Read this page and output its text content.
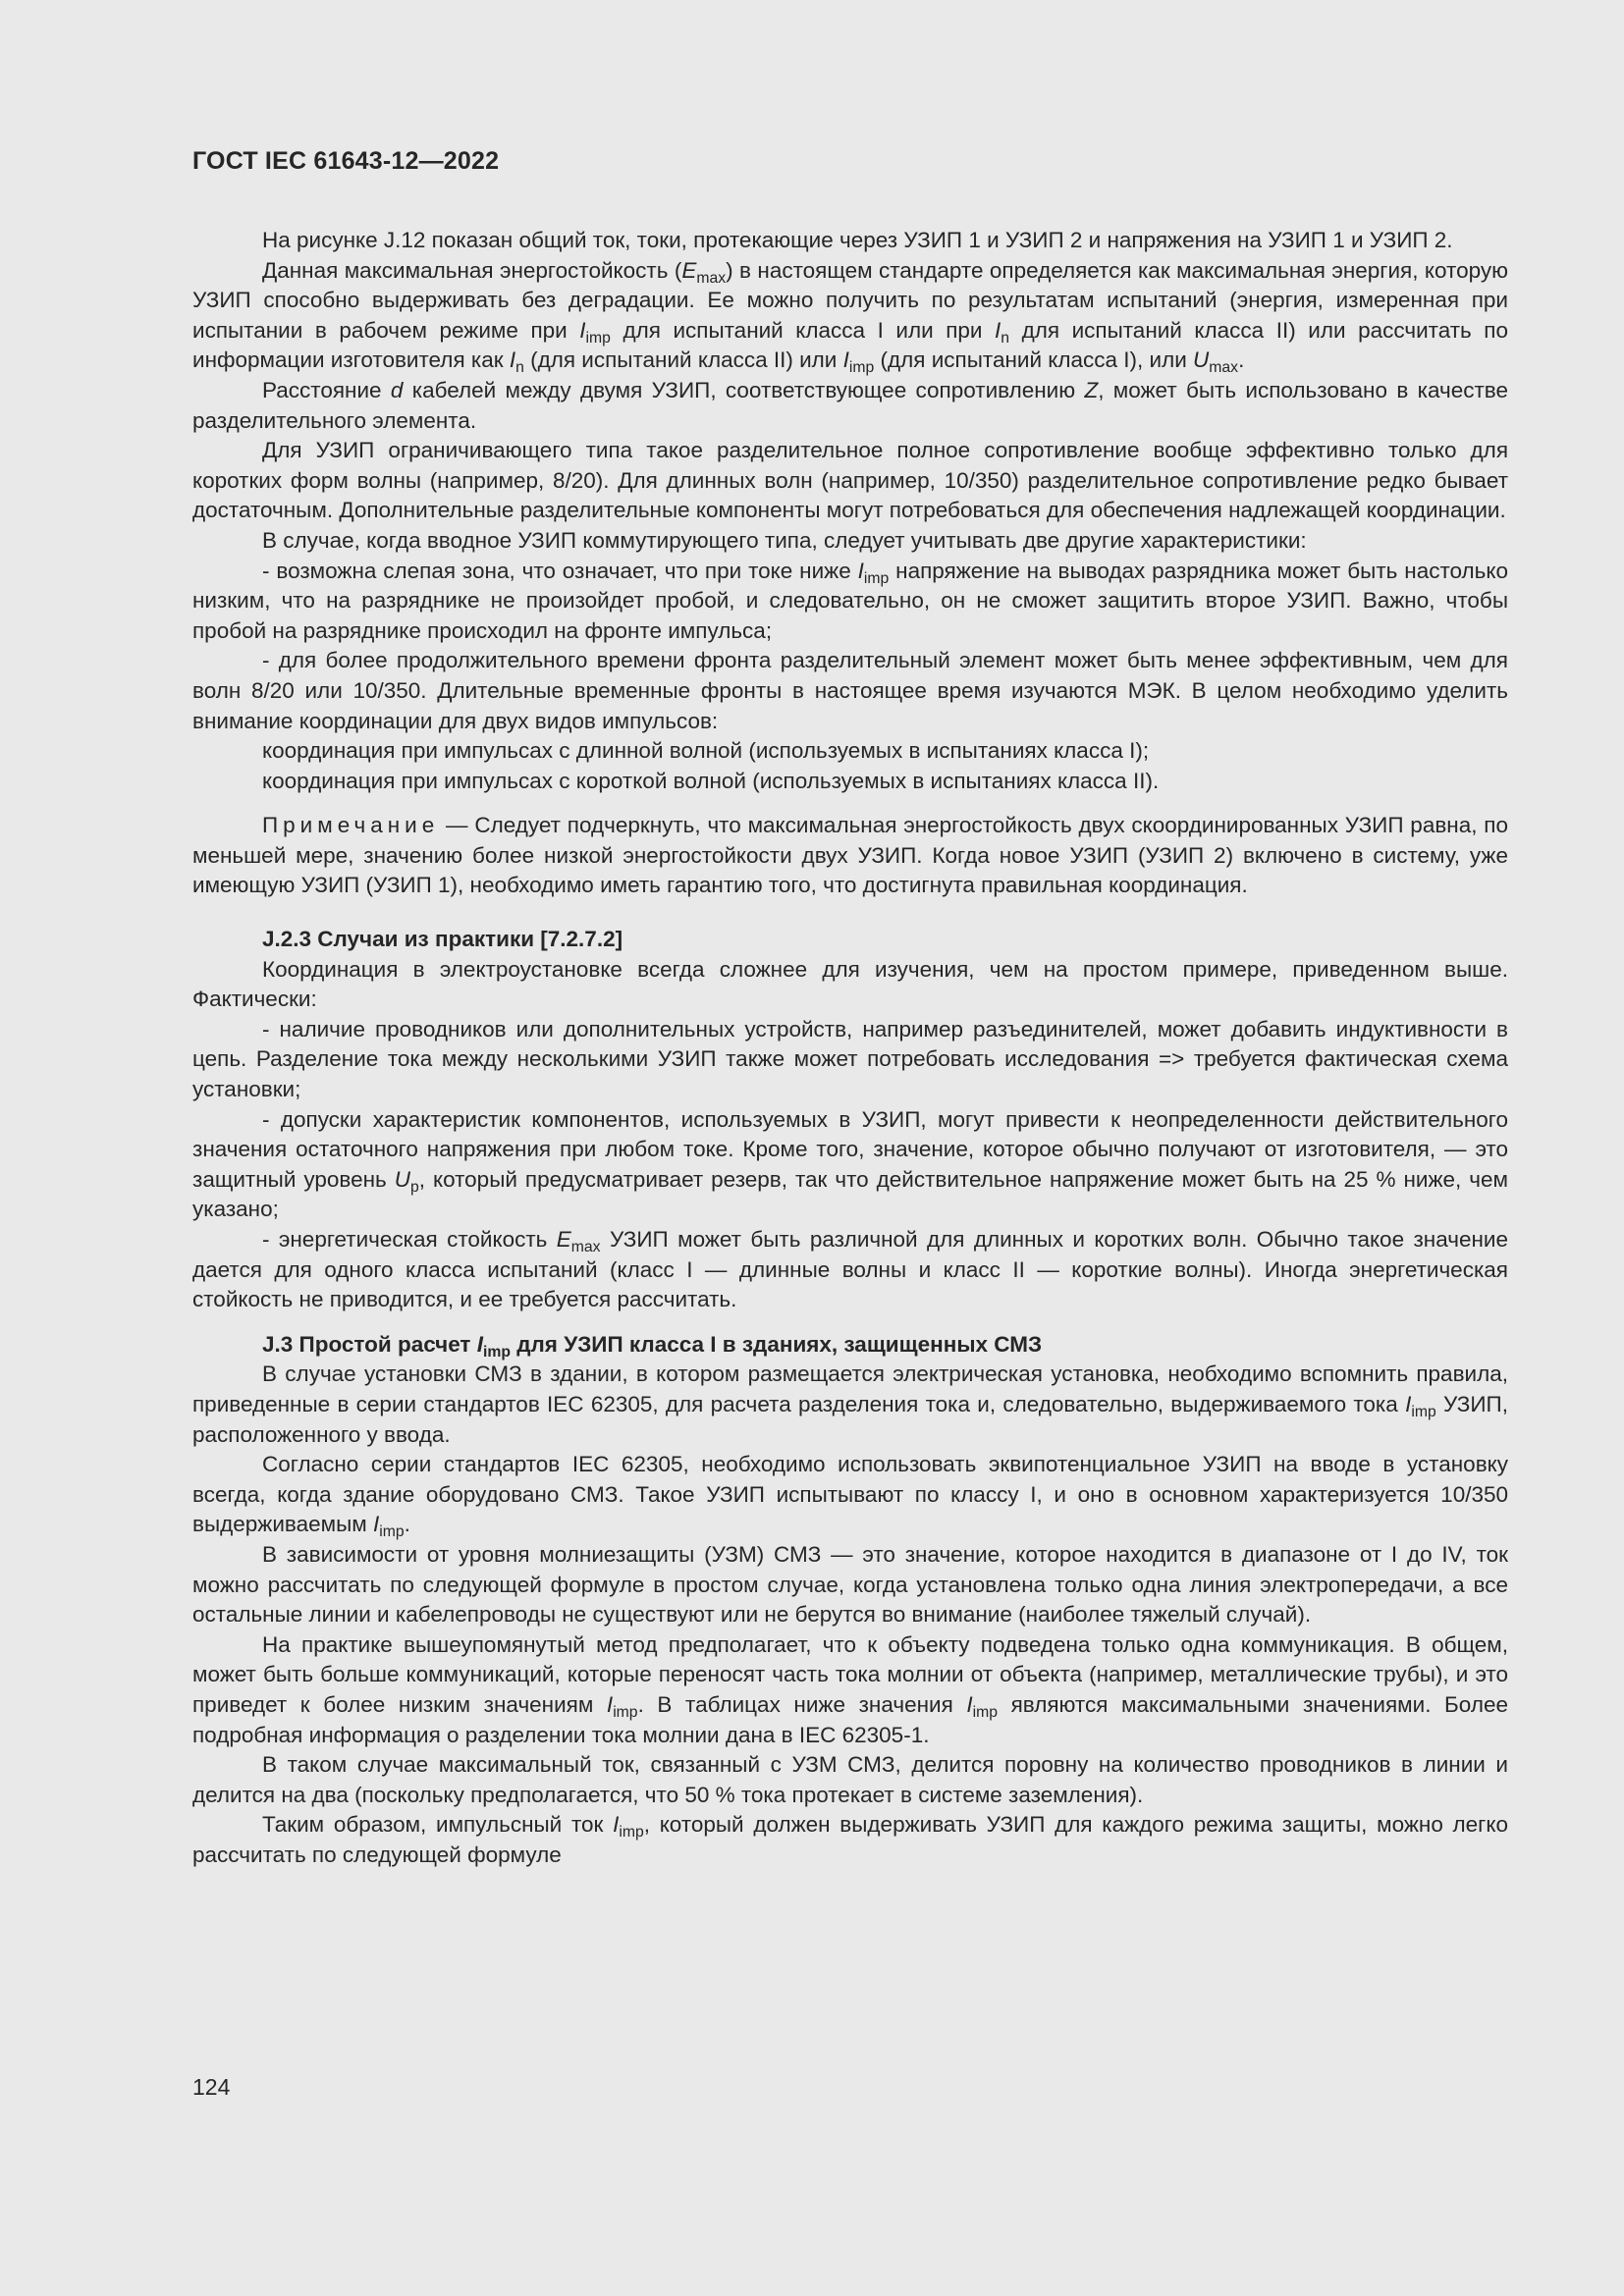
ГОСТ IEC 61643-12—2022

На рисунке J.12 показан общий ток, токи, протекающие через УЗИП 1 и УЗИП 2 и напряжения на УЗИП 1 и УЗИП 2.

Данная максимальная энергостойкость $(E_{max})$ в настоящем стандарте определяется как максимальная энергия, которую УЗИП способно выдерживать без деградации. Ее можно получить по результатам испытаний (энергия, измеренная при испытании в рабочем режиме при $I_{imp}$ для испытаний класса I или при $I_n$ для испытаний класса II) или рассчитать по информации изготовителя как $I_n$ (для испытаний класса II) или $I_{imp}$ (для испытаний класса I), или $U_{max}$.

Расстояние d кабелей между двумя УЗИП, соответствующее сопротивлению Z, может быть использовано в качестве разделительного элемента.

Для УЗИП ограничивающего типа такое разделительное полное сопротивление вообще эффективно только для коротких форм волны (например, 8/20). Для длинных волн (например, 10/350) разделительное сопротивление редко бывает достаточным. Дополнительные разделительные компоненты могут потребоваться для обеспечения надлежащей координации.

В случае, когда вводное УЗИП коммутирующего типа, следует учитывать две другие характеристики:

- возможна слепая зона, что означает, что при токе ниже $I_{imp}$ напряжение на выводах разрядника может быть настолько низким, что на разряднике не произойдет пробой, и следовательно, он не сможет защитить второе УЗИП. Важно, чтобы пробой на разряднике происходил на фронте импульса;

- для более продолжительного времени фронта разделительный элемент может быть менее эффективным, чем для волн 8/20 или 10/350. Длительные временные фронты в настоящее время изучаются МЭК. В целом необходимо уделить внимание координации для двух видов импульсов:

координация при импульсах с длинной волной (используемых в испытаниях класса I);

координация при импульсах с короткой волной (используемых в испытаниях класса II).

Примечание — Следует подчеркнуть, что максимальная энергостойкость двух скоординированных УЗИП равна, по меньшей мере, значению более низкой энергостойкости двух УЗИП. Когда новое УЗИП (УЗИП 2) включено в систему, уже имеющую УЗИП (УЗИП 1), необходимо иметь гарантию того, что достигнута правильная координация.

J.2.3 Случаи из практики [7.2.7.2]

Координация в электроустановке всегда сложнее для изучения, чем на простом примере, приведенном выше. Фактически:

- наличие проводников или дополнительных устройств, например разъединителей, может добавить индуктивности в цепь. Разделение тока между несколькими УЗИП также может потребовать исследования => требуется фактическая схема установки;

- допуски характеристик компонентов, используемых в УЗИП, могут привести к неопределенности действительного значения остаточного напряжения при любом токе. Кроме того, значение, которое обычно получают от изготовителя, — это защитный уровень $U_p$, который предусматривает резерв, так что действительное напряжение может быть на 25 % ниже, чем указано;

- энергетическая стойкость $E_{max}$ УЗИП может быть различной для длинных и коротких волн. Обычно такое значение дается для одного класса испытаний (класс I — длинные волны и класс II — короткие волны). Иногда энергетическая стойкость не приводится, и ее требуется рассчитать.

J.3 Простой расчет $I_{imp}$ для УЗИП класса I в зданиях, защищенных СМЗ

В случае установки СМЗ в здании, в котором размещается электрическая установка, необходимо вспомнить правила, приведенные в серии стандартов IEC 62305, для расчета разделения тока и, следовательно, выдерживаемого тока $I_{imp}$ УЗИП, расположенного у ввода.

Согласно серии стандартов IEC 62305, необходимо использовать эквипотенциальное УЗИП на вводе в установку всегда, когда здание оборудовано СМЗ. Такое УЗИП испытывают по классу I, и оно в основном характеризуется 10/350 выдерживаемым $I_{imp}$.

В зависимости от уровня молниезащиты (УЗМ) СМЗ — это значение, которое находится в диапазоне от I до IV, ток можно рассчитать по следующей формуле в простом случае, когда установлена только одна линия электропередачи, а все остальные линии и кабелепроводы не существуют или не берутся во внимание (наиболее тяжелый случай).

На практике вышеупомянутый метод предполагает, что к объекту подведена только одна коммуникация. В общем, может быть больше коммуникаций, которые переносят часть тока молнии от объекта (например, металлические трубы), и это приведет к более низким значениям $I_{imp}$. В таблицах ниже значения $I_{imp}$ являются максимальными значениями. Более подробная информация о разделении тока молнии дана в IEC 62305-1.

В таком случае максимальный ток, связанный с УЗМ СМЗ, делится поровну на количество проводников в линии и делится на два (поскольку предполагается, что 50 % тока протекает в системе заземления).

Таким образом, импульсный ток $I_{imp}$, который должен выдерживать УЗИП для каждого режима защиты, можно легко рассчитать по следующей формуле

124
